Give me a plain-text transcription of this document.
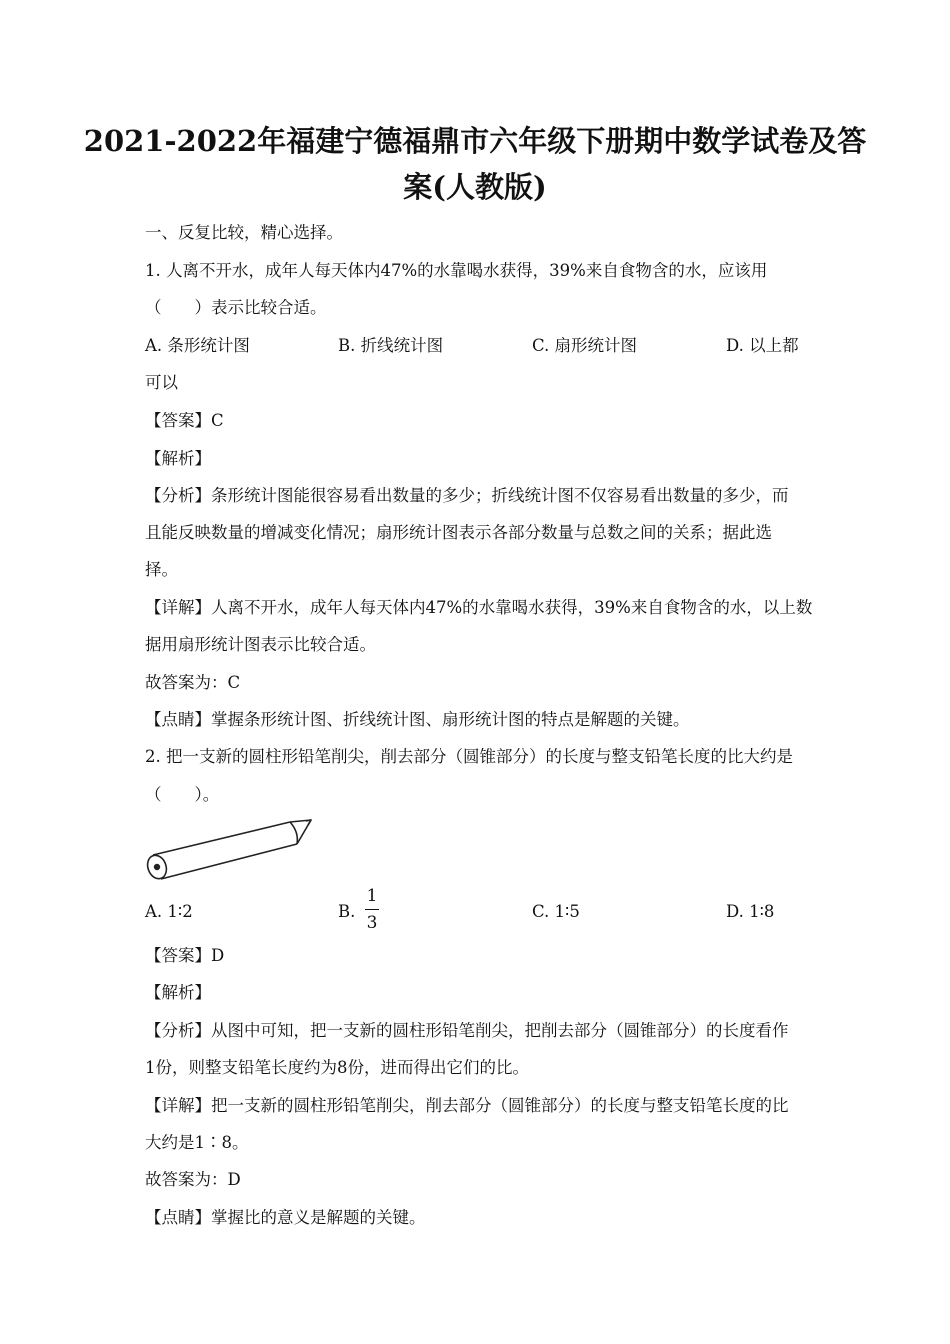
2021-2022年福建宁德福鼎市六年级下册期中数学试卷及答
案(人教版)
一、反复比较，精心选择。
1. 人离不开水，成年人每天体内47%的水靠喝水获得，39%来自食物含的水，应该用
（　　）表示比较合适。
A. 条形统计图	B. 折线统计图	C. 扇形统计图	D. 以上都
可以
【答案】C
【解析】
【分析】条形统计图能很容易看出数量的多少；折线统计图不仅容易看出数量的多少，而
且能反映数量的增减变化情况；扇形统计图表示各部分数量与总数之间的关系；据此选
择。
【详解】人离不开水，成年人每天体内47%的水靠喝水获得，39%来自食物含的水，以上数
据用扇形统计图表示比较合适。
故答案为：C
【点睛】掌握条形统计图、折线统计图、扇形统计图的特点是解题的关键。
2. 把一支新的圆柱形铅笔削尖，削去部分（圆锥部分）的长度与整支铅笔长度的比大约是
（　　）。
A. 1∶2	B.
1
3
C. 1∶5	D. 1∶8
【答案】D
【解析】
【分析】从图中可知，把一支新的圆柱形铅笔削尖，把削去部分（圆锥部分）的长度看作
1份，则整支铅笔长度约为8份，进而得出它们的比。
【详解】把一支新的圆柱形铅笔削尖，削去部分（圆锥部分）的长度与整支铅笔长度的比
大约是1∶8。
故答案为：D
【点睛】掌握比的意义是解题的关键。
